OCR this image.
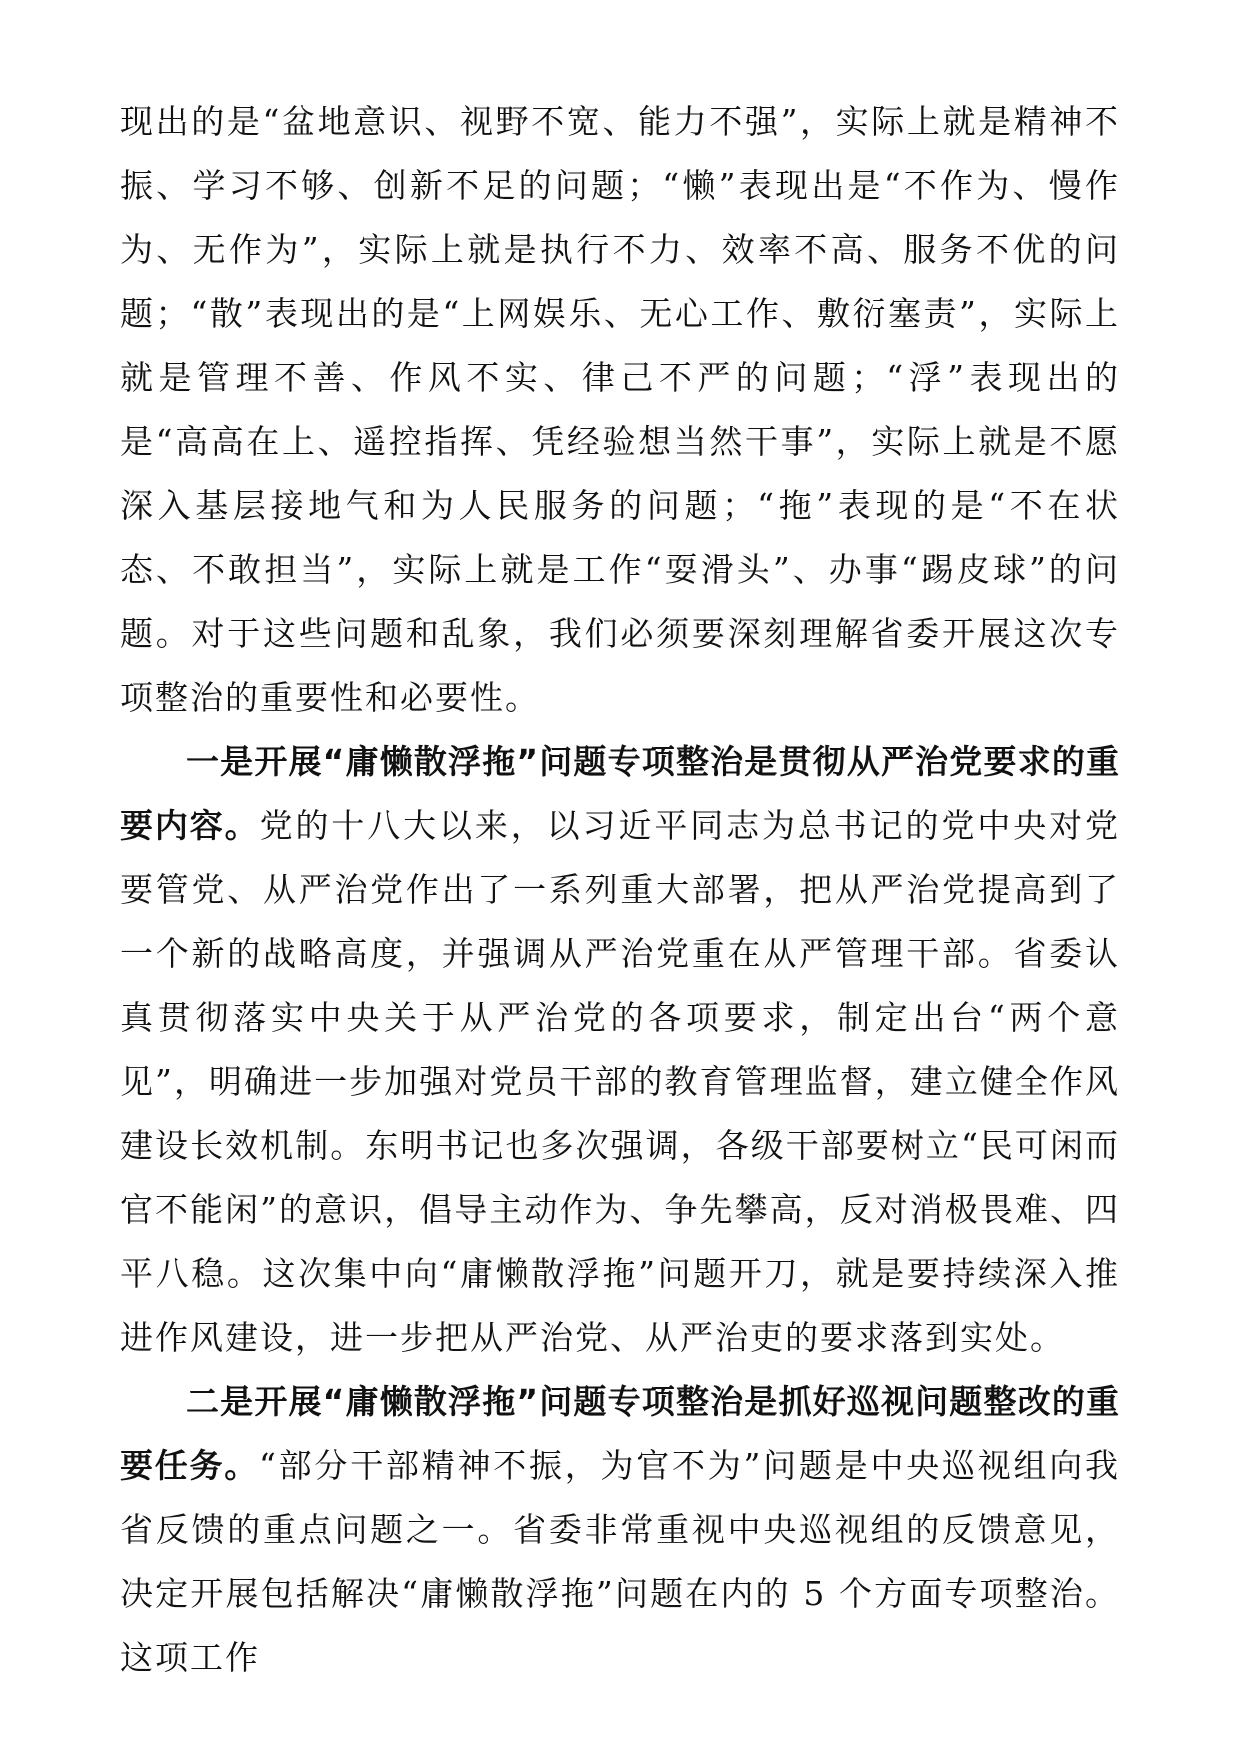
现出的是“盆地意识、视野不宽、能力不强”，实际上就是精神不振、学习不够、创新不足的问题；“懒”表现出是“不作为、慢作为、无作为”，实际上就是执行不力、效率不高、服务不优的问题；“散”表现出的是“上网娱乐、无心工作、敷衍塞责”，实际上就是管理不善、作风不实、律己不严的问题；“浮”表现出的是“高高在上、遥控指挥、凭经验想当然干事”，实际上就是不愿深入基层接地气和为人民服务的问题；“拖”表现的是“不在状态、不敢担当”，实际上就是工作“耍滑头”、办事“踢皮球”的问题。对于这些问题和乱象，我们必须要深刻理解省委开展这次专项整治的重要性和必要性。

一是开展“庸懒散浮拖”问题专项整治是贯彻从严治党要求的重要内容。党的十八大以来，以习近平同志为总书记的党中央对党要管党、从严治党作出了一系列重大部署，把从严治党提高到了一个新的战略高度，并强调从严治党重在从严管理干部。省委认真贯彻落实中央关于从严治党的各项要求，制定出台“两个意见”，明确进一步加强对党员干部的教育管理监督，建立健全作风建设长效机制。东明书记也多次强调，各级干部要树立“民可闲而官不能闲”的意识，倡导主动作为、争先攀高，反对消极畏难、四平八稳。这次集中向“庸懒散浮拖”问题开刀，就是要持续深入推进作风建设，进一步把从严治党、从严治吏的要求落到实处。

二是开展“庸懒散浮拖”问题专项整治是抓好巡视问题整改的重要任务。“部分干部精神不振，为官不为”问题是中央巡视组向我省反馈的重点问题之一。省委非常重视中央巡视组的反馈意见，决定开展包括解决“庸懒散浮拖”问题在内的 5 个方面专项整治。这项工作
